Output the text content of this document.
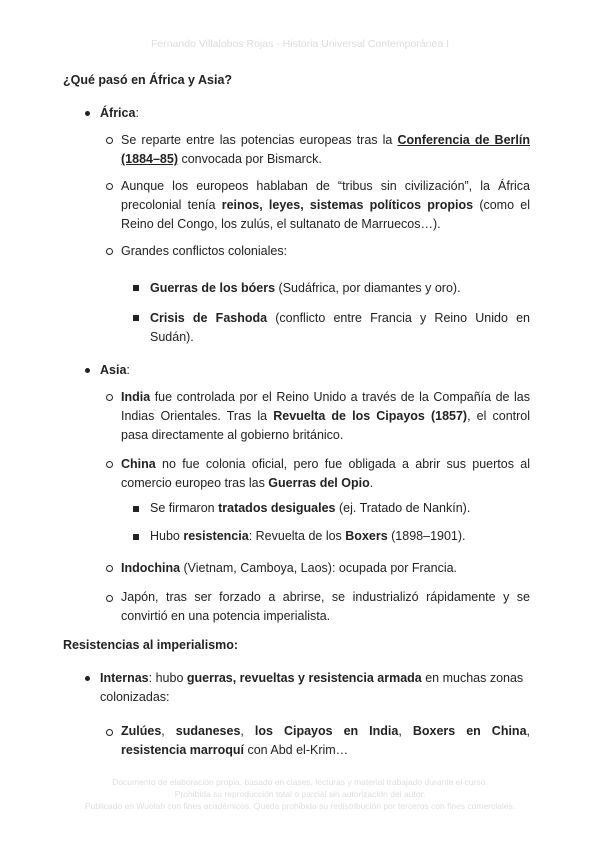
Fernando Villalobos Rojas - Historia Universal Contemporánea I
¿Qué pasó en África y Asia?
África:
Se reparte entre las potencias europeas tras la Conferencia de Berlín (1884–85) convocada por Bismarck.
Aunque los europeos hablaban de “tribus sin civilización”, la África precolonial tenía reinos, leyes, sistemas políticos propios (como el Reino del Congo, los zulús, el sultanato de Marruecos…).
Grandes conflictos coloniales:
Guerras de los bóers (Sudáfrica, por diamantes y oro).
Crisis de Fashoda (conflicto entre Francia y Reino Unido en Sudán).
Asia:
India fue controlada por el Reino Unido a través de la Compañía de las Indias Orientales. Tras la Revuelta de los Cipayos (1857), el control pasa directamente al gobierno británico.
China no fue colonia oficial, pero fue obligada a abrir sus puertos al comercio europeo tras las Guerras del Opio.
Se firmaron tratados desiguales (ej. Tratado de Nankín).
Hubo resistencia: Revuelta de los Boxers (1898–1901).
Indochina (Vietnam, Camboya, Laos): ocupada por Francia.
Japón, tras ser forzado a abrirse, se industrializó rápidamente y se convirtió en una potencia imperialista.
Resistencias al imperialismo:
Internas: hubo guerras, revueltas y resistencia armada en muchas zonas colonizadas:
Zulúes, sudaneses, los Cipayos en India, Boxers en China, resistencia marroquí con Abd el-Krim…
Documento de elaboración propia, basado en clases, lecturas y material trabajado durante el curso.
Prohibida su reproducción total o parcial sin autorización del autor.
Publicado en Wuolah con fines académicos. Queda prohibida su redistribución por terceros con fines comerciales.
